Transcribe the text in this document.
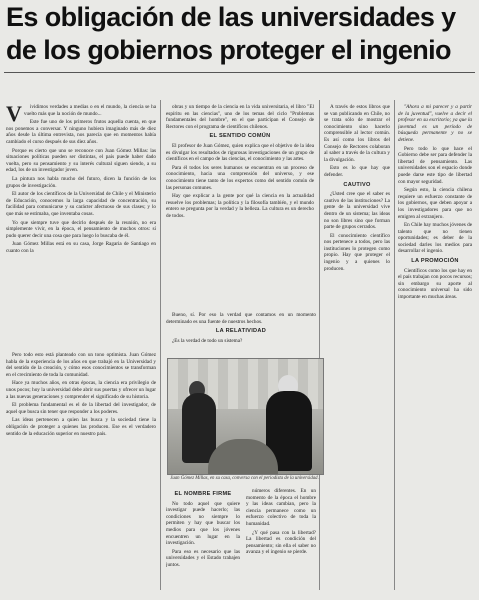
Es obligación de las universidades y
de los gobiernos proteger el ingenio
V	ividimos verdades a medias o en el mundo, la ciencia se ha vuelto más que la noción de mundo...

Este fue uno de los primeros frutos aquella cuenta, en que nos ponemos a conversar. Y ninguno hubiera imaginado más de diez años desde la última entrevista, nos parecía que en momentos había cambiado el curso después de sus diez años.

Porque es cierto que uno se reconoce con Juan Gómez Millas: las situaciones políticas pueden ser distintas, el país puede haber dado vuelta, pero su pensamiento y su interés cultural siguen siendo, a su edad, los de un investigador joven.

La pintura nos habla mucho del futuro, dicen la función de los grupos de investigación.

El autor de los científicos de la Universidad de Chile y el Ministerio de Educación, conocemos la larga capacidad de concentración, su facilidad para comunicarse y su carácter afectuoso de sus clases; y lo que más se estimaba, que inventaba cosas.

Yo que siempre tuve que decirlo después de la reunión, no era simplemente vivir, en la época, el pensamiento de muchos otros: sí pudo querer decir una cosa que para luego lo buscaba de él.

Juan Gómez Millas está en su casa, Jorge Ragaria de Santiago en cuanto con la

obras y un tiempo de la ciencia en la vida universitaria, el libro "El espíritu en las ciencias", uno de los temas del ciclo "Problemas fundamentales del hombre", en el que participan el Consejo de Rectores con el programa de científicos chilenos.

EL SENTIDO COMÚN

El profesor de Juan Gómez, quien explica que el objetivo de la idea es divulgar los resultados de rigurosas investigaciones de un grupo de científicos en el campo de las ciencias, el conocimiento y las artes.

Para él todos los seres humanos se encuentran en un proceso de conocimiento, hacia una comprensión del universo, y ese conocimiento tiene tanto de los expertos como del sentido común de las personas comunes.

Hay que explicar a la gente por qué la ciencia en la actualidad resuelve los problemas; la política y la filosofía también, y el mundo entero se pregunta por la verdad y la belleza. La cultura es un derecho de todos.

A través de estos libros que se van publicando en Chile, no se trata sólo de mostrar el conocimiento sino hacerlo comprensible al lector común. Es así como los libros del Consejo de Rectores colaboran al saber a través de la cultura y la divulgación.

Esto es lo que hay que defender.

CAUTIVO

¿Usted cree que el saber es cautivo de las instituciones? La gente de la universidad vive dentro de un sistema; las ideas no son libres sino que forman parte de grupos cerrados.

El conocimiento científico nos pertenece a todos, pero las instituciones lo protegen como propio. Hay que proteger el ingenio y a quienes lo producen.

"Ahora a mi parecer y a partir de la juventud", vuelve a decir el profesor en su escritorio; ya que la juventud es un período de búsqueda permanente y no se detiene.

Pero todo lo que hace el Gobierno debe ser para defender la libertad de pensamiento. Las universidades son el espacio donde puede darse este tipo de libertad con mayor seguridad.

Según esto, la ciencia chilena requiere un esfuerzo constante de los gobiernos, que deben apoyar a los investigadores para que no emigren al extranjero.

En Chile hay muchos jóvenes de talento que no tienen oportunidades; es deber de la sociedad darles los medios para desarrollar el ingenio.

LA PROMOCIÓN

Científicos como los que hay en el país trabajan con pocos recursos; sin embargo su aporte al conocimiento universal ha sido importante en muchas áreas.

Pero todo esto está planteado con un tono optimista. Juan Gómez habla de la experiencia de los años en que trabajó en la Universidad y del sentido de la creación, y cómo esos conocimientos se transforman en el crecimiento de toda la comunidad.

Hace ya muchos años, en otras épocas, la ciencia era privilegio de unos pocos; hoy la universidad debe abrir sus puertas y ofrecer un lugar a las nuevas generaciones y comprender el significado de su historia.

El problema fundamental es el de la libertad del investigador, de aquel que busca sin tener que responder a los poderes.

Las ideas pertenecen a quien las busca y la sociedad tiene la obligación de proteger a quienes las producen. Ese es el verdadero sentido de la educación superior en nuestro país.

Bueno, sí. Por eso la verdad que contamos en un momento determinado es una fuente de nuestros hechos.

LA RELATIVIDAD

¿Es la verdad de todo un sistema?

Juan Gómez Millas, en su casa, conversa con el periodista de la universidad.
EL NOMBRE FIRME

No todo aquel que quiere investigar puede hacerlo; las condiciones no siempre lo permiten y hay que buscar los medios para que los jóvenes encuentren un lugar en la investigación.

Para eso es necesario que las universidades y el Estado trabajen juntos.

números diferentes. En un momento de la época el hombre y las ideas cambian, pero la ciencia permanece como un esfuerzo colectivo de toda la humanidad.

¿Y qué pasa con la libertad? La libertad es condición del pensamiento; sin ella el saber no avanza y el ingenio se pierde.
